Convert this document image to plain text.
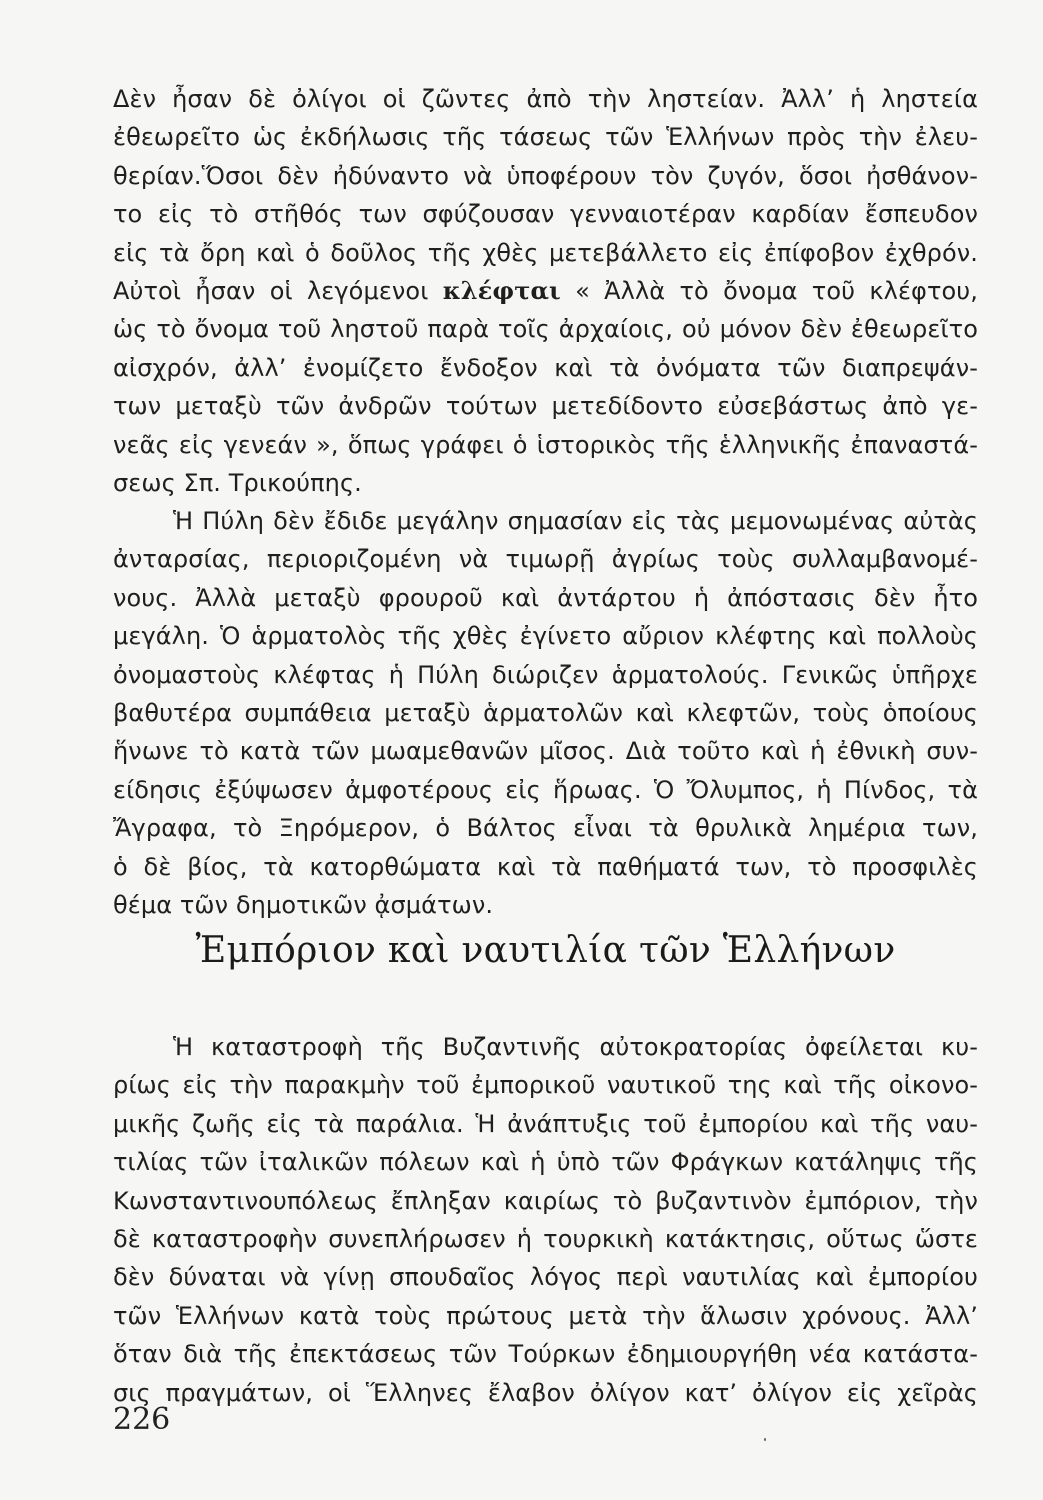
Δὲν ἦσαν δὲ ὀλίγοι οἱ ζῶντες ἀπὸ τὴν ληστείαν. Ἀλλ’ ἡ ληστεία
ἐθεωρεῖτο ὡς ἐκδήλωσις τῆς τάσεως τῶν Ἑλλήνων πρὸς τὴν ἐλευ-
θερίαν.Ὅσοι δὲν ἠδύναντο νὰ ὑποφέρουν τὸν ζυγόν, ὅσοι ἠσθάνον-
το εἰς τὸ στῆθός των σφύζουσαν γενναιοτέραν καρδίαν ἔσπευδον
εἰς τὰ ὄρη καὶ ὁ δοῦλος τῆς χθὲς μετεβάλλετο εἰς ἐπίφοβον ἐχθρόν.
Αὐτοὶ ἦσαν οἱ λεγόμενοι κλέφται « Ἀλλὰ τὸ ὄνομα τοῦ κλέφτου,
ὡς τὸ ὄνομα τοῦ ληστοῦ παρὰ τοῖς ἀρχαίοις, οὐ μόνον δὲν ἐθεωρεῖτο
αἰσχρόν, ἀλλ’ ἐνομίζετο ἔνδοξον καὶ τὰ ὀνόματα τῶν διαπρεψάν-
των μεταξὺ τῶν ἀνδρῶν τούτων μετεδίδοντο εὐσεβάστως ἀπὸ γε-
νεᾶς εἰς γενεάν », ὅπως γράφει ὁ ἱστορικὸς τῆς ἑλληνικῆς ἐπαναστά-
σεως Σπ. Τρικούπης.
Ἡ Πύλη δὲν ἔδιδε μεγάλην σημασίαν εἰς τὰς μεμονωμένας αὐτὰς
ἀνταρσίας, περιοριζομένη νὰ τιμωρῇ ἀγρίως τοὺς συλλαμβανομέ-
νους. Ἀλλὰ μεταξὺ φρουροῦ καὶ ἀντάρτου ἡ ἀπόστασις δὲν ἦτο
μεγάλη. Ὁ ἁρματολὸς τῆς χθὲς ἐγίνετο αὔριον κλέφτης καὶ πολλοὺς
ὀνομαστοὺς κλέφτας ἡ Πύλη διώριζεν ἁρματολούς. Γενικῶς ὑπῆρχε
βαθυτέρα συμπάθεια μεταξὺ ἁρματολῶν καὶ κλεφτῶν, τοὺς ὁποίους
ἥνωνε τὸ κατὰ τῶν μωαμεθανῶν μῖσος. Διὰ τοῦτο καὶ ἡ ἐθνικὴ συν-
είδησις ἐξύψωσεν ἀμφοτέρους εἰς ἥρωας. Ὁ Ὄλυμπος, ἡ Πίνδος, τὰ
Ἄγραφα, τὸ Ξηρόμερον, ὁ Βάλτος εἶναι τὰ θρυλικὰ λημέρια των,
ὁ δὲ βίος, τὰ κατορθώματα καὶ τὰ παθήματά των, τὸ προσφιλὲς
θέμα τῶν δημοτικῶν ᾀσμάτων.
Ἐμπόριον καὶ ναυτιλία τῶν Ἑλλήνων
Ἡ καταστροφὴ τῆς Βυζαντινῆς αὐτοκρατορίας ὀφείλεται κυ-
ρίως εἰς τὴν παρακμὴν τοῦ ἐμπορικοῦ ναυτικοῦ της καὶ τῆς οἰκονο-
μικῆς ζωῆς εἰς τὰ παράλια. Ἡ ἀνάπτυξις τοῦ ἐμπορίου καὶ τῆς ναυ-
τιλίας τῶν ἰταλικῶν πόλεων καὶ ἡ ὑπὸ τῶν Φράγκων κατάληψις τῆς
Κωνσταντινουπόλεως ἔπληξαν καιρίως τὸ βυζαντινὸν ἐμπόριον, τὴν
δὲ καταστροφὴν συνεπλήρωσεν ἡ τουρκικὴ κατάκτησις, οὕτως ὥστε
δὲν δύναται νὰ γίνῃ σπουδαῖος λόγος περὶ ναυτιλίας καὶ ἐμπορίου
τῶν Ἑλλήνων κατὰ τοὺς πρώτους μετὰ τὴν ἅλωσιν χρόνους. Ἀλλ’
ὅταν διὰ τῆς ἐπεκτάσεως τῶν Τούρκων ἐδημιουργήθη νέα κατάστα-
σις πραγμάτων, οἱ Ἕλληνες ἔλαβον ὀλίγον κατ’ ὀλίγον εἰς χεῖρὰς
226
